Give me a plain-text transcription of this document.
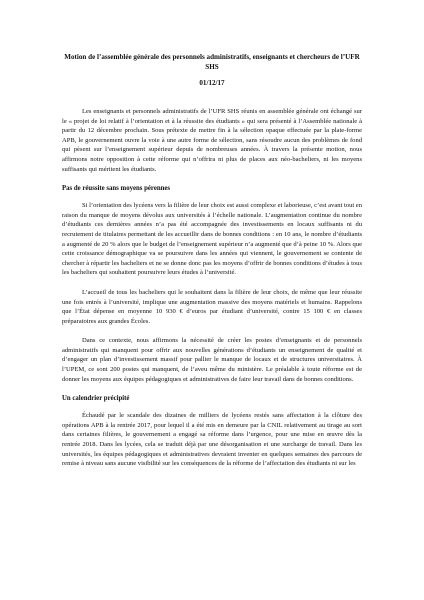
Motion de l’assemblée générale des personnels administratifs, enseignants et chercheurs de l’UFR SHS

01/12/17

Les enseignants et personnels administratifs de l’UFR SHS réunis en assemblée générale ont échangé sur le « projet de loi relatif à l’orientation et à la réussite des étudiants » qui sera présenté à l’Assemblée nationale à partir du 12 décembre prochain. Sous prétexte de mettre fin à la sélection opaque effectuée par la plate-forme APB, le gouvernement ouvre la voie à une autre forme de sélection, sans résoudre aucun des problèmes de fond qui pèsent sur l’enseignement supérieur depuis de nombreuses années. À travers la présente motion, nous affirmons notre opposition à cette réforme qui n’offrira ni plus de places aux néo-bacheliers, ni les moyens suffisants qui méritent les étudiants.

Pas de réussite sans moyens pérennes

Si l’orientation des lycéens vers la filière de leur choix est aussi complexe et laborieuse, c’est avant tout en raison du manque de moyens dévolus aux universités à l’échelle nationale. L’augmentation continue du nombre d’étudiants ces dernières années n’a pas été accompagnée des investissements en locaux suffisants ni du recrutement de titulaires permettant de les accueillir dans de bonnes conditions : en 10 ans, le nombre d’étudiants a augmenté de 20 % alors que le budget de l’enseignement supérieur n’a augmenté que d’à peine 10 %. Alors que cette croissance démographique va se poursuivre dans les années qui viennent, le gouvernement se contente de chercher à répartir les bacheliers et ne se donne donc pas les moyens d’offrir de bonnes conditions d’études à tous les bacheliers qui souhaitent poursuivre leurs études à l’université.

L’accueil de tous les bacheliers qui le souhaitent dans la filière de leur choix, de même que leur réussite une fois entrés à l’université, implique une augmentation massive des moyens matériels et humains. Rappelons que l’État dépense en moyenne 10 930 € d’euros par étudiant d’université, contre 15 100 € en classes préparatoires aux grandes Écoles.

Dans ce contexte, nous affirmons la nécessité de créer les postes d’enseignants et de personnels administratifs qui manquent pour offrir aux nouvelles générations d’étudiants un enseignement de qualité et d’engager un plan d’investissement massif pour pallier le manque de locaux et de structures universitaires. À l’UPEM, ce sont 200 postes qui manquent, de l’aveu même du ministère. Le préalable à toute réforme est de donner les moyens aux équipes pédagogiques et administratives de faire leur travail dans de bonnes conditions.

Un calendrier précipité

Échaudé par le scandale des dizaines de milliers de lycéens restés sans affectation à la clôture des opérations APB à la rentrée 2017, pour lequel il a été mis en demeure par la CNIL relativement au tirage au sort dans certaines filières, le gouvernement a engagé sa réforme dans l’urgence, pour une mise en œuvre dès la rentrée 2018. Dans les lycées, cela se traduit déjà par une désorganisation et une surcharge de travail. Dans les universités, les équipes pédagogiques et administratives devraient inventer en quelques semaines des parcours de remise à niveau sans aucune visibilité sur les conséquences de la réforme de l’affectation des étudiants ni sur les
